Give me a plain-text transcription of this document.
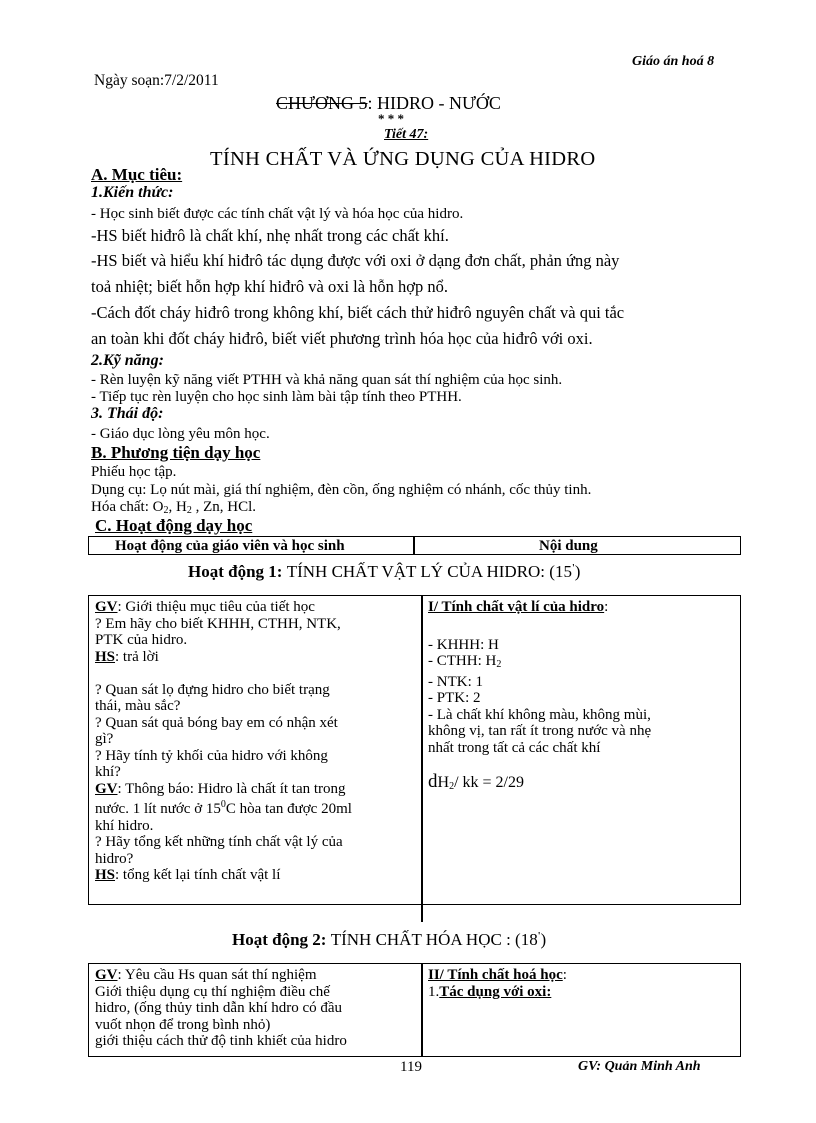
Giáo án hoá 8
Ngày soạn:7/2/2011
CHƯƠNG 5: HIDRO - NƯỚC
* * *
Tiết 47:
TÍNH CHẤT VÀ ỨNG DỤNG CỦA HIDRO
A. Mục tiêu:
1.Kiến thức:
- Học sinh biết được các tính chất vật lý và hóa học của hidro.
-HS biết hiđrô là chất khí, nhẹ nhất trong các chất khí.
-HS biết và hiểu khí hiđrô tác dụng được với oxi ở dạng đơn chất, phản ứng này
toả nhiệt; biết hỗn hợp khí hiđrô và oxi là hỗn hợp nổ.
-Cách đốt cháy hiđrô trong không khí, biết cách thử hiđrô nguyên chất và qui tắc
an toàn khi đốt cháy hiđrô, biết viết phương trình hóa học của hiđrô với oxi.
2.Kỹ năng:
- Rèn luyện kỹ năng viết PTHH và khả năng quan sát thí nghiệm của học sinh.
- Tiếp tục rèn luyện cho học sinh làm bài tập tính theo PTHH.
3. Thái độ:
- Giáo dục lòng yêu môn học.
B. Phương tiện dạy học
Phiếu học tập.
Dụng cụ: Lọ nút mài, giá thí nghiệm, đèn cồn, ống nghiệm có nhánh, cốc thủy tinh.
Hóa chất: $O_2$, $H_2$ , Zn, HCl.
C. Hoạt động dạy học
Hoạt động của giáo viên và học sinh	Nội dung
Hoạt động 1: TÍNH CHẤT VẬT LÝ CỦA HIDRO: (15')

GV: Giới thiệu mục tiêu của tiết học

? Em hãy cho biết KHHH, CTHH, NTK,

PTK của hidro.

HS: trả lời

? Quan sát lọ đựng hidro cho biết trạng

thái, màu sắc?

? Quan sát quả bóng bay em có nhận xét

gì?

? Hãy tính tỷ khối của hidro với không

khí?

GV: Thông báo: Hidro là chất ít tan trong

nước. 1 lít nước ở $15^0C$ hòa tan được 20ml

khí hidro.

? Hãy tổng kết những tính chất vật lý của

hidro?

HS: tổng kết lại tính chất vật lí

I/ Tính chất vật lí của hidro:

- KHHH: H

- CTHH: $H_2$

- NTK: 1

- PTK: 2

- Là chất khí không màu, không mùi,

không vị, tan rất ít trong nước và nhẹ

nhất trong tất cả các chất khí

$dH_2/$ kk = 2/29

Hoạt động 2: TÍNH CHẤT HÓA HỌC : (18')

GV: Yêu cầu Hs quan sát thí nghiệm

Giới thiệu dụng cụ thí nghiệm điều chế

hidro, (ống thủy tinh dẫn khí hdro có đầu

vuốt nhọn để trong bình nhỏ)

giới thiệu cách thử độ tinh khiết của hidro

II/ Tính chất hoá học:

1.Tác dụng với oxi:

119	GV: Quản Minh Anh
